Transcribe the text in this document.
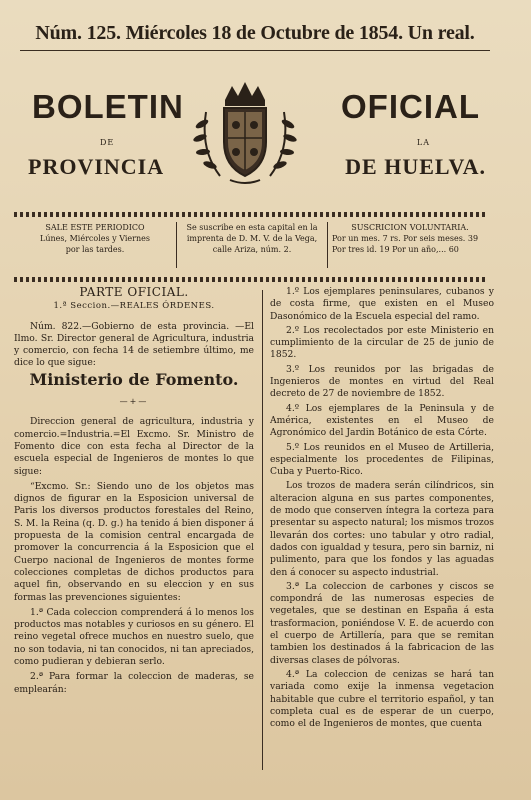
Núm. 125. Miércoles 18 de Octubre de 1854. Un real.
BOLETIN	OFICIAL
DE	LA
PROVINCIA	DE HUELVA.
SALE ESTE PERIODICO
Lúnes, Miércoles y Viernes
por las tardes.
Se suscribe en esta capital en la
imprenta de D. M. V. de la Vega,
calle Ariza, núm. 2.
SUSCRICION VOLUNTARIA.
Por un mes. 7 rs. Por seis meses. 39
Por tres id. 19 Por un año,... 60
PARTE OFICIAL.
1.ª Seccion.—REALES ÓRDENES.

Núm. 822.—Gobierno de esta provincia. —El Ilmo. Sr. Director general de Agricultura, industria y comercio, con fecha 14 de setiembre último, me dice lo que sigue:

Ministerio de Fomento.
—+—

Direccion general de agricultura, industria y comercio.=Industria.=El Excmo. Sr. Ministro de Fomento dice con esta fecha al Director de la escuela especial de Ingenieros de montes lo que sigue:

“Excmo. Sr.: Siendo uno de los objetos mas dignos de figurar en la Esposicion universal de Paris los diversos productos forestales del Reino, S. M. la Reina (q. D. g.) ha tenido á bien disponer á propuesta de la comision central encargada de promover la concurrencia á la Esposicion que el Cuerpo nacional de Ingenieros de montes forme colecciones completas de dichos productos para aquel fin, observando en su eleccion y en sus formas las prevenciones siguientes:

1.ª Cada coleccion comprenderá á lo menos los productos mas notables y curiosos en su género. El reino vegetal ofrece muchos en nuestro suelo, que no son todavia, ni tan conocidos, ni tan apreciados, como pudieran y debieran serlo.

2.ª Para formar la coleccion de maderas, se emplearán:

1.º Los ejemplares peninsulares, cubanos y de costa firme, que existen en el Museo Dasonómico de la Escuela especial del ramo.

2.º Los recolectados por este Ministerio en cumplimiento de la circular de 25 de junio de 1852.

3.º Los reunidos por las brigadas de Ingenieros de montes en virtud del Real decreto de 27 de noviembre de 1852.

4.º Los ejemplares de la Peninsula y de América, existentes en el Museo de Agronómico del Jardin Botánico de esta Córte.

5.º Los reunidos en el Museo de Artilleria, especialmente los procedentes de Filipinas, Cuba y Puerto-Rico.

Los trozos de madera serán cilíndricos, sin alteracion alguna en sus partes componentes, de modo que conserven íntegra la corteza para presentar su aspecto natural; los mismos trozos llevarán dos cortes: uno tabular y otro radial, dados con igualdad y tesura, pero sin barniz, ni pulimento, para que los fondos y las aguadas den á conocer su aspecto industrial.

3.ª La coleccion de carbones y ciscos se compondrá de las numerosas especies de vegetales, que se destinan en España á esta trasformacion, poniéndose V. E. de acuerdo con el cuerpo de Artillería, para que se remitan tambien los destinados á la fabricacion de las diversas clases de pólvoras.

4.ª La coleccion de cenizas se hará tan variada como exije la inmensa vegetacion habitable que cubre el territorio español, y tan completa cual es de esperar de un cuerpo, como el de Ingenieros de montes, que cuenta
